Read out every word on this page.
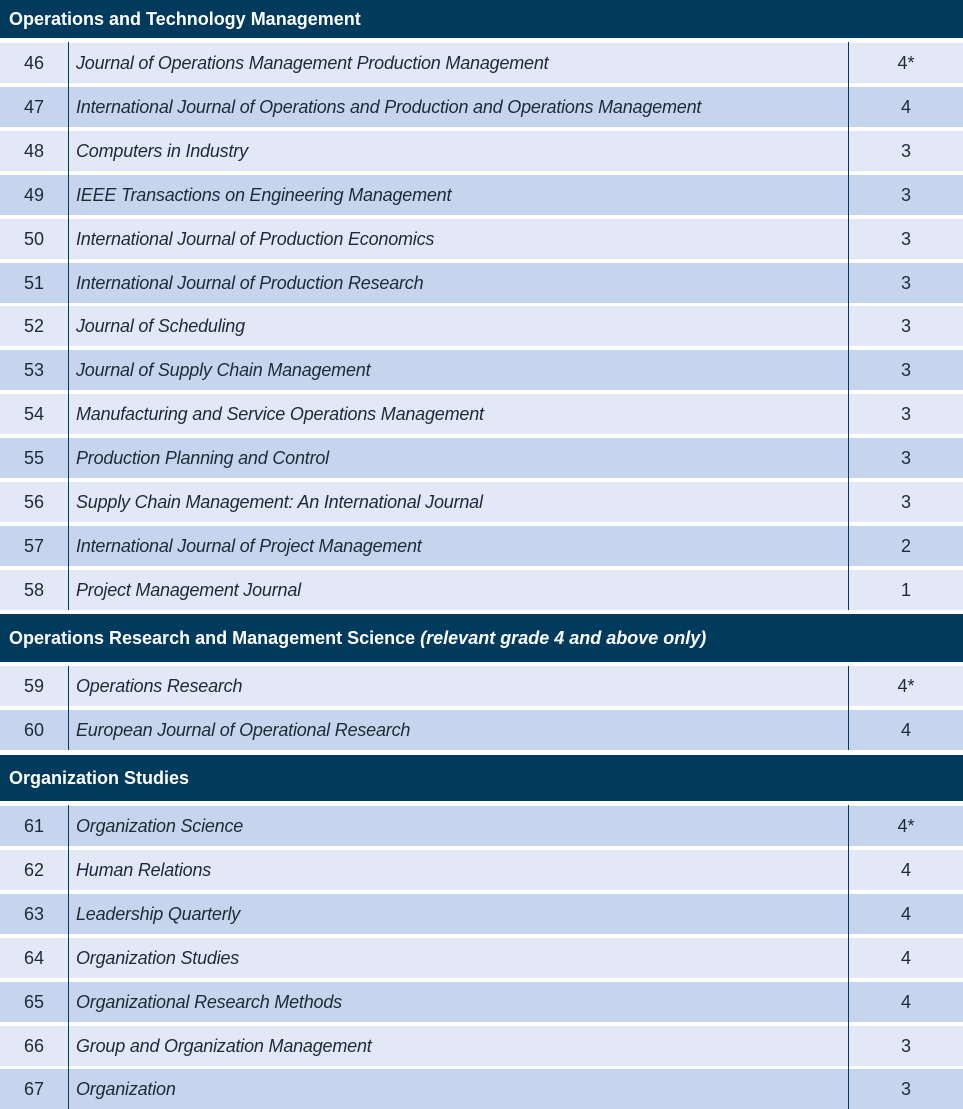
Operations and Technology Management
46	Journal of Operations Management Production Management	4*
47	International Journal of Operations and Production and Operations Management	4
48	Computers in Industry	3
49	IEEE Transactions on Engineering Management	3
50	International Journal of Production Economics	3
51	International Journal of Production Research	3
52	Journal of Scheduling	3
53	Journal of Supply Chain Management	3
54	Manufacturing and Service Operations Management	3
55	Production Planning and Control	3
56	Supply Chain Management: An International Journal	3
57	International Journal of Project Management	2
58	Project Management Journal	1
Operations Research and Management Science (relevant grade 4 and above only)
59	Operations Research	4*
60	European Journal of Operational Research	4
Organization Studies
61	Organization Science	4*
62	Human Relations	4
63	Leadership Quarterly	4
64	Organization Studies	4
65	Organizational Research Methods	4
66	Group and Organization Management	3
67	Organization	3
